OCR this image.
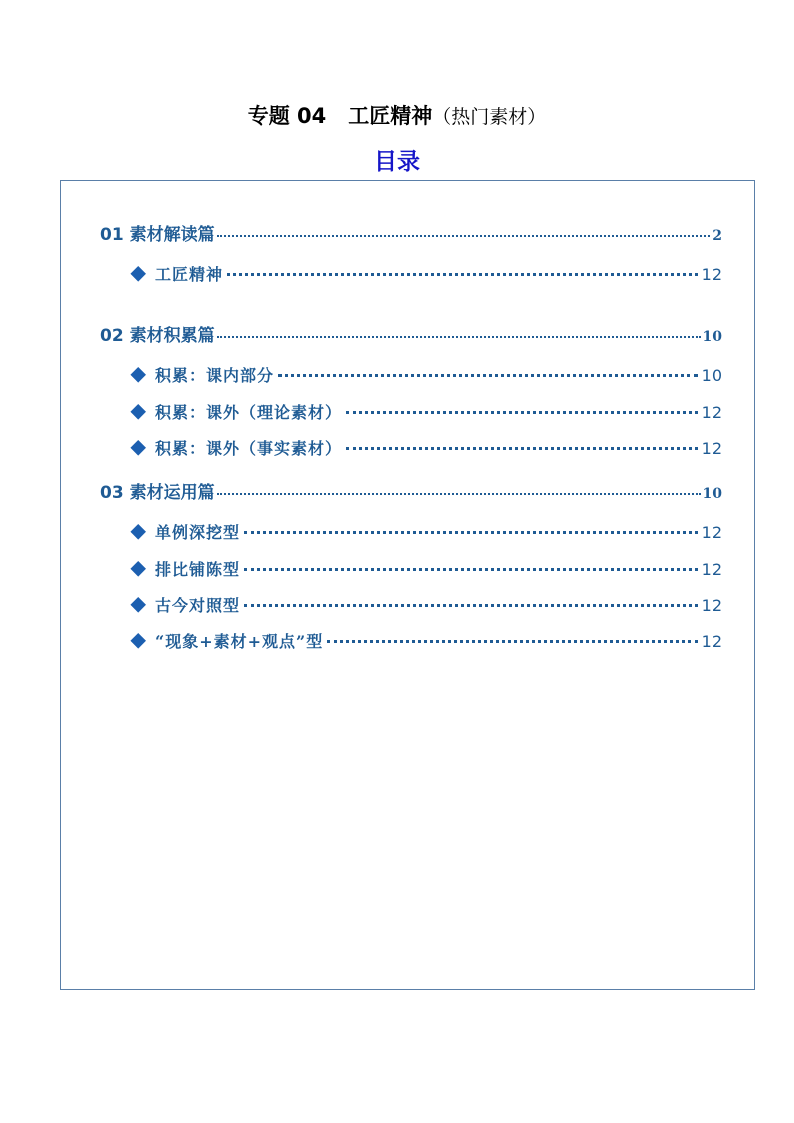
专题 04 工匠精神（热门素材）
目录
01 素材解读篇	2
工匠精神	12
02 素材积累篇	10
积累：课内部分	10
积累：课外（理论素材）	12
积累：课外（事实素材）	12
03 素材运用篇	10
单例深挖型	12
排比铺陈型	12
古今对照型	12
“现象+素材+观点”型	12
